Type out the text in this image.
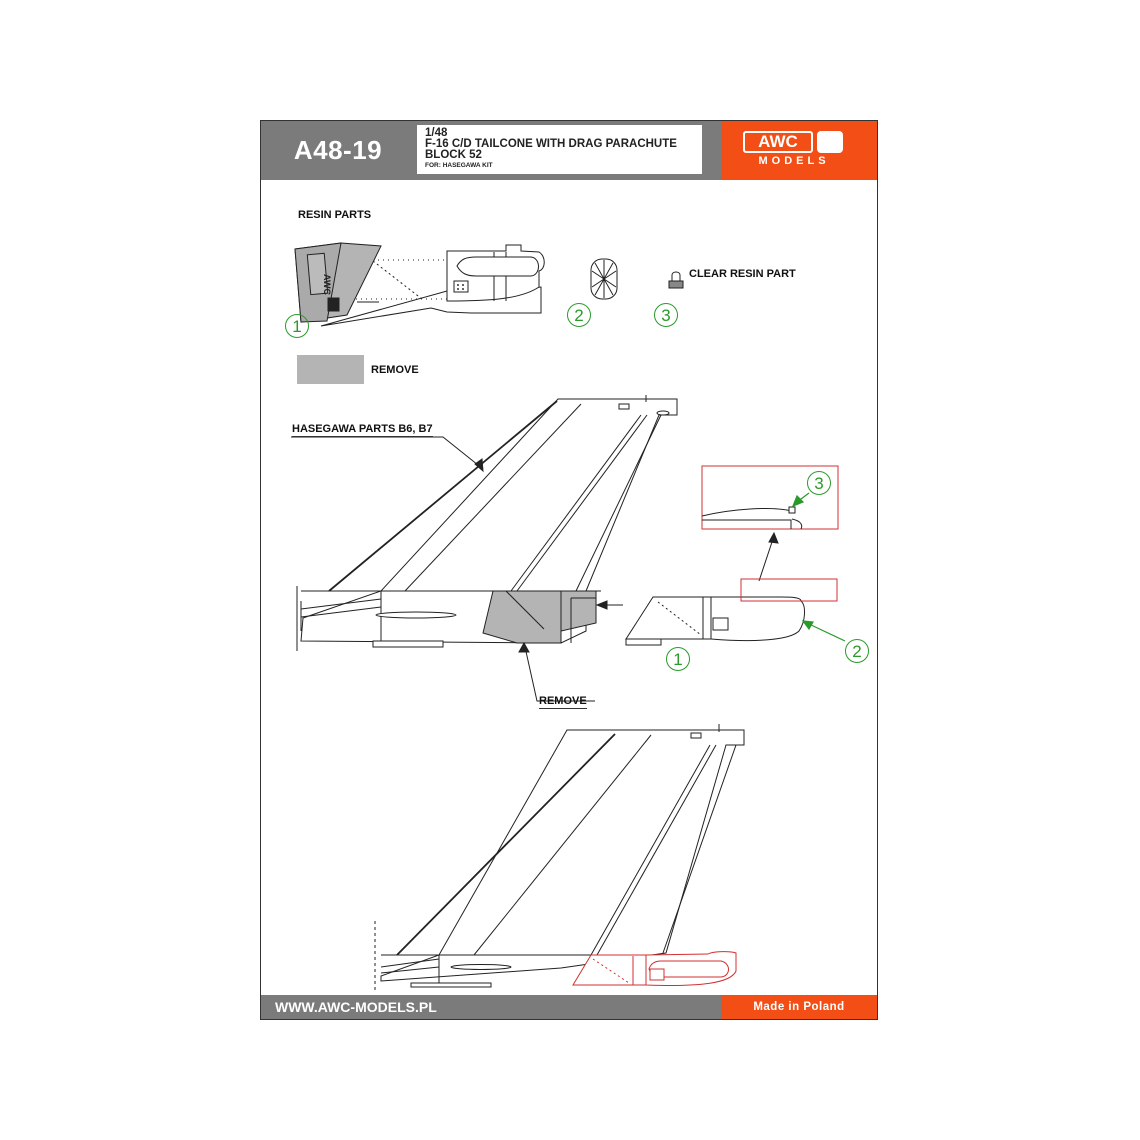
A48-19
1/48
F-16 C/D TAILCONE WITH DRAG PARACHUTE
BLOCK 52
FOR: HASEGAWA KIT
AWC
MODELS
AWC
RESIN PARTS
CLEAR RESIN PART
REMOVE
HASEGAWA PARTS B6, B7
REMOVE
1
2	3
1	2
3
WWW.AWC-MODELS.PL	Made in Poland
